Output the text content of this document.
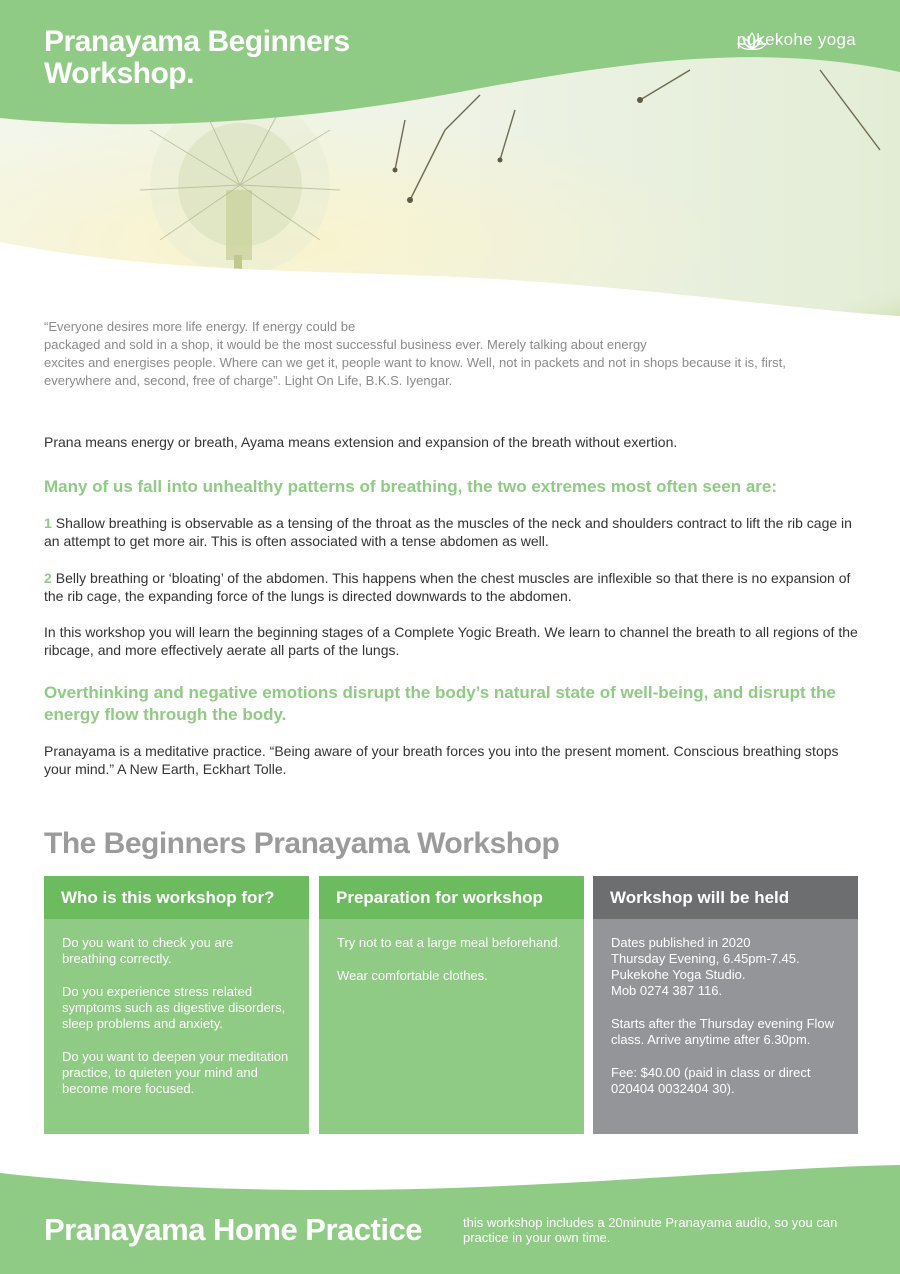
Pranayama Beginners
Workshop.
pukekohe yoga

“Everyone desires more life energy. If energy could be

packaged and sold in a shop, it would be the most successful business ever. Merely talking about energy

excites and energises people. Where can we get it, people want to know. Well, not in packets and not in shops because it is, first,

everywhere and, second, free of charge”. Light On Life, B.K.S. Iyengar.

Prana means energy or breath, Ayama means extension and expansion of the breath without exertion.

Many of us fall into unhealthy patterns of breathing, the two extremes most often seen are:

1 Shallow breathing is observable as a tensing of the throat as the muscles of the neck and shoulders contract to lift the rib cage in an attempt to get more air. This is often associated with a tense abdomen as well.

2 Belly breathing or ‘bloating’ of the abdomen. This happens when the chest muscles are inflexible so that there is no expansion of the rib cage, the expanding force of the lungs is directed downwards to the abdomen.

In this workshop you will learn the beginning stages of a Complete Yogic Breath. We learn to channel the breath to all regions of the ribcage, and more effectively aerate all parts of the lungs.

Overthinking and negative emotions disrupt the body’s natural state of well-being, and disrupt the energy flow through the body.

Pranayama is a meditative practice. “Being aware of your breath forces you into the present moment. Conscious breathing stops your mind.” A New Earth, Eckhart Tolle.

The Beginners Pranayama Workshop
Who is this workshop for?

Do you want to check you are breathing correctly.

Do you experience stress related symptoms such as digestive disorders, sleep problems and anxiety.

Do you want to deepen your meditation practice, to quieten your mind and become more focused.

Preparation for workshop

Try not to eat a large meal beforehand.

Wear comfortable clothes.

Workshop will be held

Dates published in 2020
Thursday Evening, 6.45pm-7.45.
Pukekohe Yoga Studio.
Mob 0274 387 116.

Starts after the Thursday evening Flow class. Arrive anytime after 6.30pm.

Fee: $40.00 (paid in class or direct 020404 0032404 30).

Pranayama Home Practice	this workshop includes a 20minute Pranayama audio, so you can practice in your own time.
